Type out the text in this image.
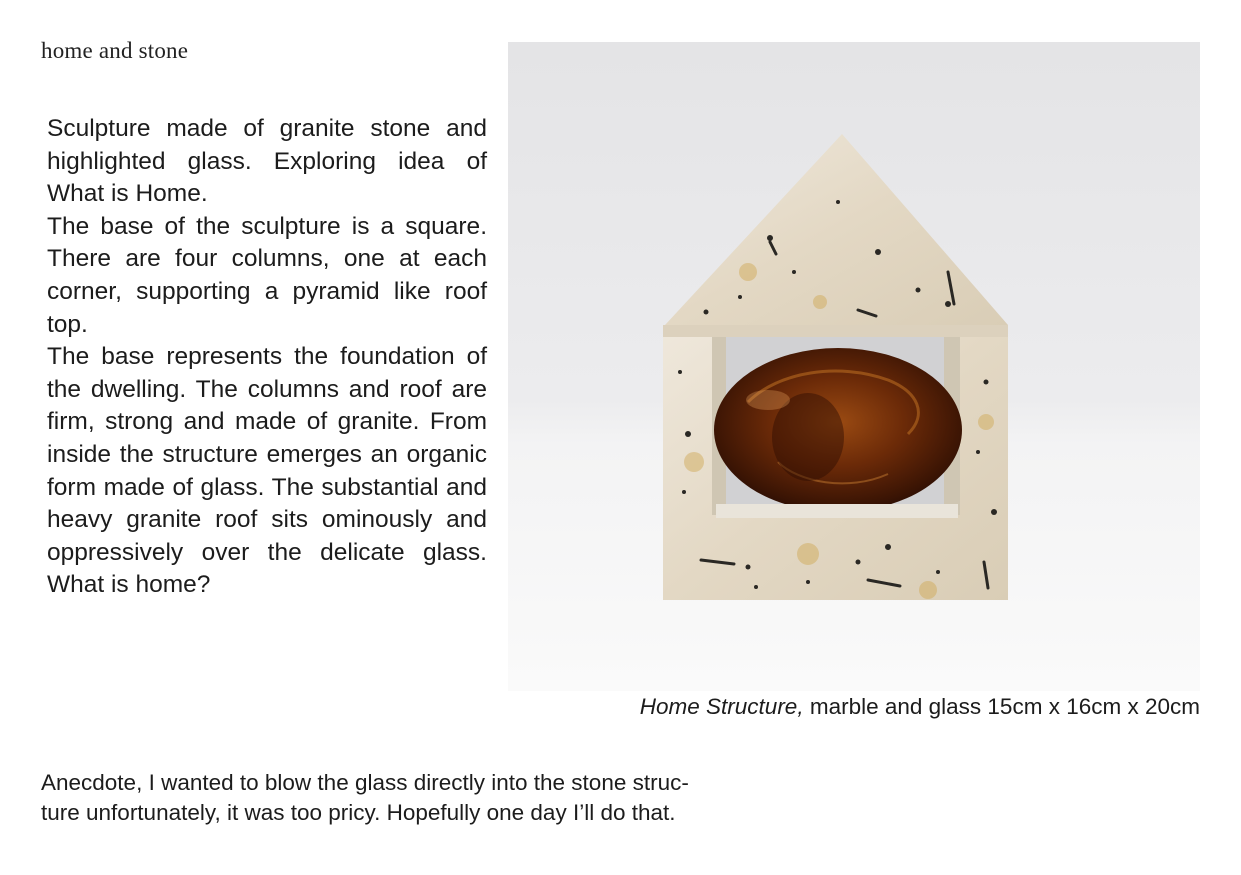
home and stone

Sculpture made of granite stone and highlighted glass. Exploring idea of What is Home.

The base of the sculpture is a square. There are four columns, one at each corner, supporting a pyramid like roof top.

The base represents the foundation of the dwelling. The columns and roof are firm, strong and made of granite. From inside the structure emerges an organic form made of glass. The substantial and heavy granite roof sits ominously and oppressively over the delicate glass. What is home?

Home Structure, marble and glass 15cm x 16cm x 20cm
Anecdote, I wanted to blow the glass directly into the stone struc-
ture unfortunately, it was too pricy. Hopefully one day I’ll do that.
